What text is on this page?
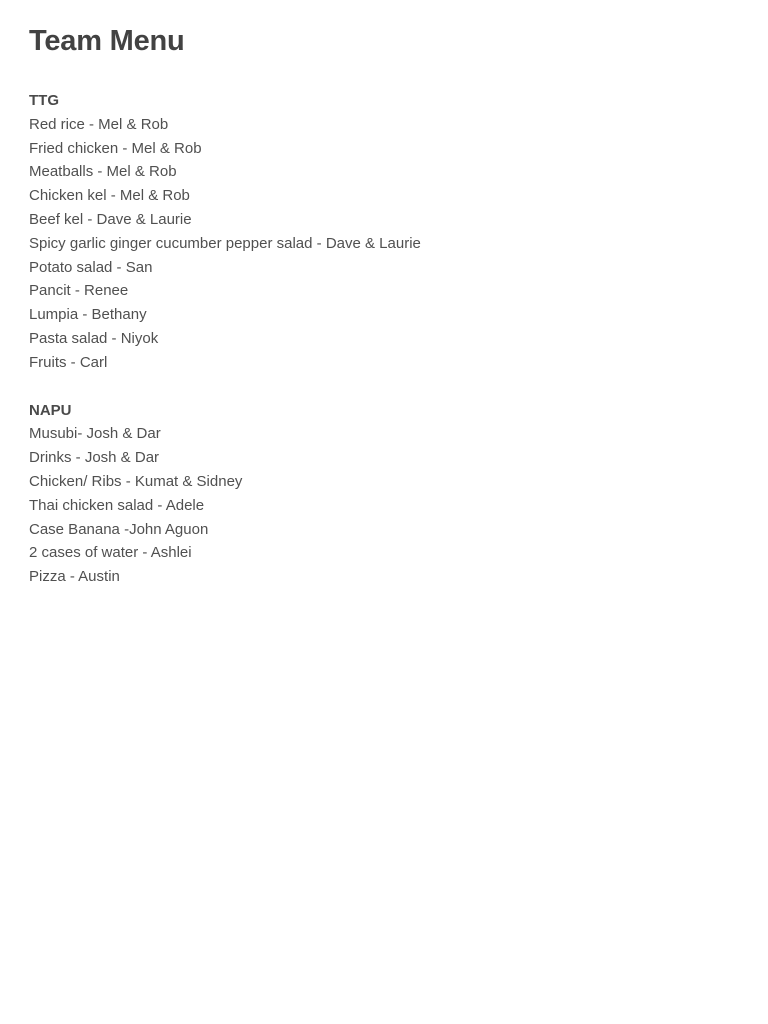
Team Menu
TTG
Red rice - Mel & Rob
Fried chicken - Mel & Rob
Meatballs - Mel & Rob
Chicken kel - Mel & Rob
Beef kel - Dave & Laurie
Spicy garlic ginger cucumber pepper salad - Dave & Laurie
Potato salad - San
Pancit - Renee
Lumpia - Bethany
Pasta salad - Niyok
Fruits - Carl
NAPU
Musubi- Josh & Dar
Drinks - Josh & Dar
Chicken/ Ribs - Kumat & Sidney
Thai chicken salad - Adele
Case Banana -John Aguon
2 cases of water - Ashlei
Pizza - Austin
